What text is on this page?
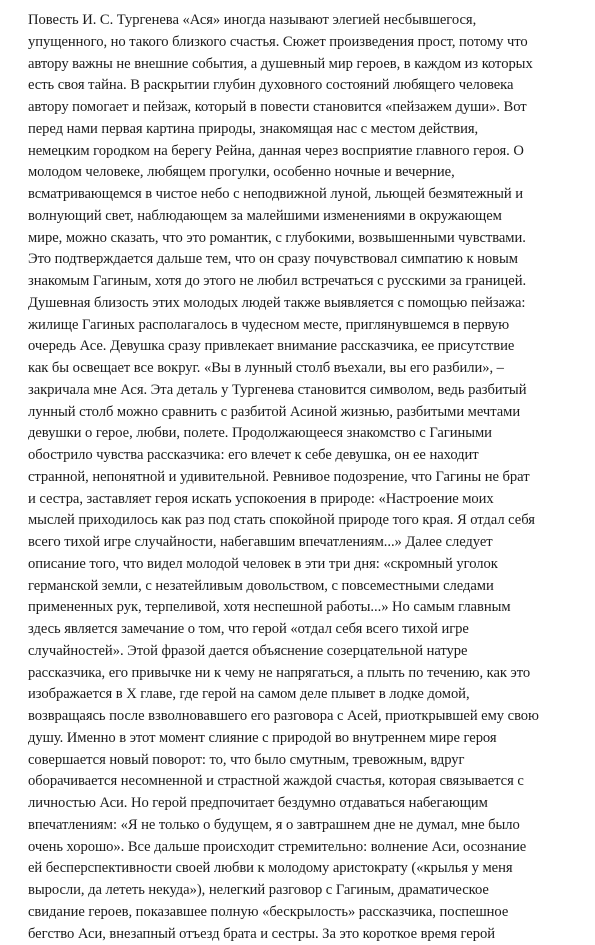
Повесть И. С. Тургенева «Ася» иногда называют элегией несбывшегося,
упущенного, но такого близкого счастья. Сюжет произведения прост, потому что
автору важны не внешние события, а душевный мир героев, в каждом из которых
есть своя тайна. В раскрытии глубин духовного состояний любящего человека
автору помогает и пейзаж, который в повести становится «пейзажем души». Вот
перед нами первая картина природы, знакомящая нас с местом действия,
немецким городком на берегу Рейна, данная через восприятие главного героя. О
молодом человеке, любящем прогулки, особенно ночные и вечерние,
всматривающемся в чистое небо с неподвижной луной, льющей безмятежный и
волнующий свет, наблюдающем за малейшими изменениями в окружающем
мире, можно сказать, что это романтик, с глубокими, возвышенными чувствами.
Это подтверждается дальше тем, что он сразу почувствовал симпатию к новым
знакомым Гагиным, хотя до этого не любил встречаться с русскими за границей.
Душевная близость этих молодых людей также выявляется с помощью пейзажа:
жилище Гагиных располагалось в чудесном месте, приглянувшемся в первую
очередь Асе. Девушка сразу привлекает внимание рассказчика, ее присутствие
как бы освещает все вокруг. «Вы в лунный столб въехали, вы его разбили», –
закричала мне Ася. Эта деталь у Тургенева становится символом, ведь разбитый
лунный столб можно сравнить с разбитой Асиной жизнью, разбитыми мечтами
девушки о герое, любви, полете. Продолжающееся знакомство с Гагиными
обострило чувства рассказчика: его влечет к себе девушка, он ее находит
странной, непонятной и удивительной. Ревнивое подозрение, что Гагины не брат
и сестра, заставляет героя искать успокоения в природе: «Настроение моих
мыслей приходилось как раз под стать спокойной природе того края. Я отдал себя
всего тихой игре случайности, набегавшим впечатлениям...» Далее следует
описание того, что видел молодой человек в эти три дня: «скромный уголок
германской земли, с незатейливым довольством, с повсеместными следами
примененных рук, терпеливой, хотя неспешной работы...» Но самым главным
здесь является замечание о том, что герой «отдал себя всего тихой игре
случайностей». Этой фразой дается объяснение созерцательной натуре
рассказчика, его привычке ни к чему не напрягаться, а плыть по течению, как это
изображается в X главе, где герой на самом деле плывет в лодке домой,
возвращаясь после взволновавшего его разговора с Асей, приоткрывшей ему свою
душу. Именно в этот момент слияние с природой во внутреннем мире героя
совершается новый поворот: то, что было смутным, тревожным, вдруг
оборачивается несомненной и страстной жаждой счастья, которая связывается с
личностью Аси. Но герой предпочитает бездумно отдаваться набегающим
впечатлениям: «Я не только о будущем, я о завтрашнем дне не думал, мне было
очень хорошо». Все дальше происходит стремительно: волнение Аси, осознание
ей бесперспективности своей любви к молодому аристократу («крылья у меня
выросли, да лететь некуда»), нелегкий разговор с Гагиным, драматическое
свидание героев, показавшее полную «бескрылость» рассказчика, поспешное
бегство Аси, внезапный отъезд брата и сестры. За это короткое время герой
